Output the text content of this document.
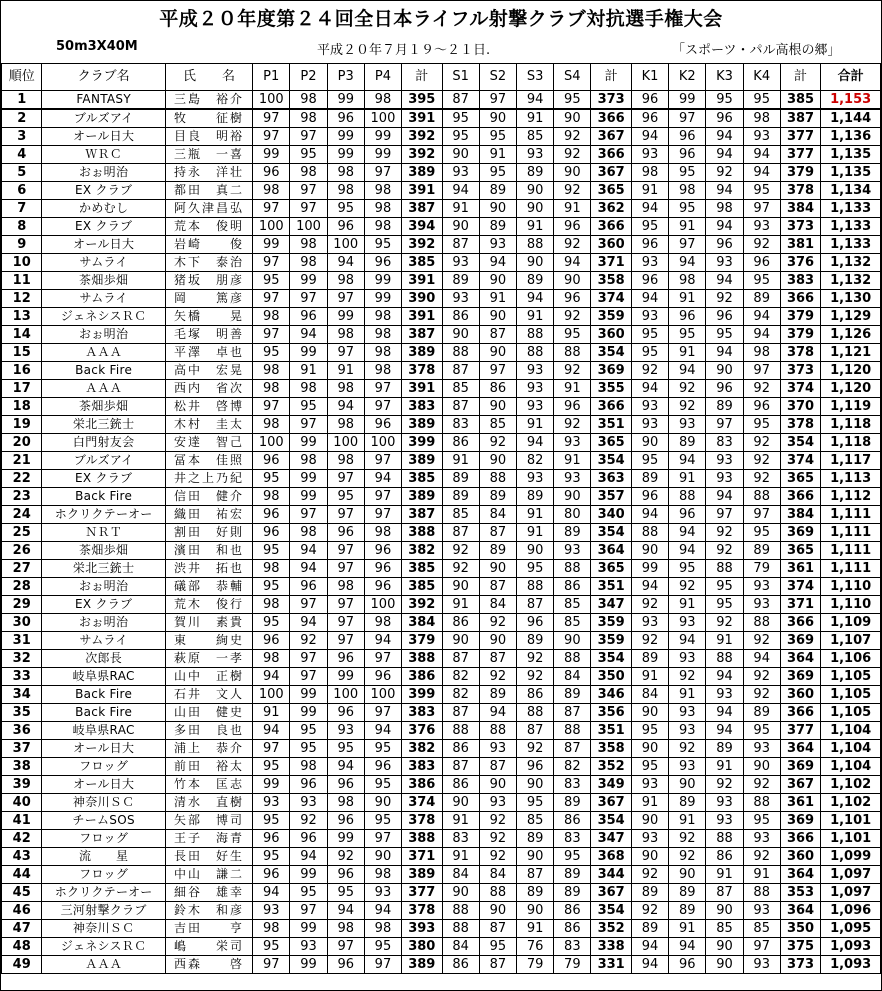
平成２０年度第２４回全日本ライフル射撃クラブ対抗選手権大会
50m3X40M	平成２０年７月１９～２１日.	「スポーツ・パル高根の郷」
順位	クラブ名	氏　　名	P1	P2	P3	P4	計	S1	S2	S3	S4	計	K1	K2	K3	K4	計	合計
1	FANTASY	三島　裕介	100	98	99	98	395	87	97	94	95	373	96	99	95	95	385	1,153
2	ブルズアイ	牧　　征樹	97	98	96	100	391	95	90	91	90	366	96	97	96	98	387	1,144
3	オール日大	目良　明裕	97	97	99	99	392	95	95	85	92	367	94	96	94	93	377	1,136
4	ＷＲＣ	三瓶　一喜	99	95	99	99	392	90	91	93	92	366	93	96	94	94	377	1,135
5	おぉ明治	持永　洋壮	96	98	98	97	389	93	95	89	90	367	98	95	92	94	379	1,135
6	EX クラブ	都田　真二	98	97	98	98	391	94	89	90	92	365	91	98	94	95	378	1,134
7	かめむし	阿久津昌弘	97	97	95	98	387	91	90	90	91	362	94	95	98	97	384	1,133
8	EX クラブ	荒本　俊明	100	100	96	98	394	90	89	91	96	366	95	91	94	93	373	1,133
9	オール日大	岩崎　　俊	99	98	100	95	392	87	93	88	92	360	96	97	96	92	381	1,133
10	サムライ	木下　泰治	97	98	94	96	385	93	94	90	94	371	93	94	93	96	376	1,132
11	茶畑歩畑	猪坂　朋彦	95	99	98	99	391	89	90	89	90	358	96	98	94	95	383	1,132
12	サムライ	岡　　篤彦	97	97	97	99	390	93	91	94	96	374	94	91	92	89	366	1,130
13	ジェネシスＲＣ	矢橋　　晃	98	96	99	98	391	86	90	91	92	359	93	96	96	94	379	1,129
14	おぉ明治	毛塚　明善	97	94	98	98	387	90	87	88	95	360	95	95	95	94	379	1,126
15	ＡＡＡ	平澤　卓也	95	99	97	98	389	88	90	88	88	354	95	91	94	98	378	1,121
16	Back Fire	高中　宏晃	98	91	91	98	378	87	97	93	92	369	92	94	90	97	373	1,120
17	ＡＡＡ	西内　省次	98	98	98	97	391	85	86	93	91	355	94	92	96	92	374	1,120
18	茶畑歩畑	松井　啓博	97	95	94	97	383	87	90	93	96	366	93	92	89	96	370	1,119
19	栄北三銃士	木村　圭太	98	97	98	96	389	83	85	91	92	351	93	93	97	95	378	1,118
20	白門射友会	安達　智己	100	99	100	100	399	86	92	94	93	365	90	89	83	92	354	1,118
21	ブルズアイ	冨本　佳照	96	98	98	97	389	91	90	82	91	354	95	94	93	92	374	1,117
22	EX クラブ	井之上乃紀	95	99	97	94	385	89	88	93	93	363	89	91	93	92	365	1,113
23	Back Fire	信田　健介	98	99	95	97	389	89	89	89	90	357	96	88	94	88	366	1,112
24	ホクリクテーオー	織田　祐宏	96	97	97	97	387	85	84	91	80	340	94	96	97	97	384	1,111
25	ＮＲＴ	割田　好則	96	98	96	98	388	87	87	91	89	354	88	94	92	95	369	1,111
26	茶畑歩畑	濱田　和也	95	94	97	96	382	92	89	90	93	364	90	94	92	89	365	1,111
27	栄北三銃士	渋井　拓也	98	94	97	96	385	92	90	95	88	365	99	95	88	79	361	1,111
28	おぉ明治	礒部　恭輔	95	96	98	96	385	90	87	88	86	351	94	92	95	93	374	1,110
29	EX クラブ	荒木　俊行	98	97	97	100	392	91	84	87	85	347	92	91	95	93	371	1,110
30	おぉ明治	賀川　素貴	95	94	97	98	384	86	92	96	85	359	93	93	92	88	366	1,109
31	サムライ	東　　絢史	96	92	97	94	379	90	90	89	90	359	92	94	91	92	369	1,107
32	次郎長	萩原　一孝	98	97	96	97	388	87	87	92	88	354	89	93	88	94	364	1,106
33	岐阜県RAC	山中　正樹	94	97	99	96	386	82	92	92	84	350	91	92	94	92	369	1,105
34	Back Fire	石井　文人	100	99	100	100	399	82	89	86	89	346	84	91	93	92	360	1,105
35	Back Fire	山田　健史	91	99	96	97	383	87	94	88	87	356	90	93	94	89	366	1,105
36	岐阜県RAC	多田　良也	94	95	93	94	376	88	88	87	88	351	95	93	94	95	377	1,104
37	オール日大	浦上　恭介	97	95	95	95	382	86	93	92	87	358	90	92	89	93	364	1,104
38	フロッグ	前田　裕太	95	98	94	96	383	87	87	96	82	352	95	93	91	90	369	1,104
39	オール日大	竹本　匡志	99	96	96	95	386	86	90	90	83	349	93	90	92	92	367	1,102
40	神奈川ＳＣ	清水　直樹	93	93	98	90	374	90	93	95	89	367	91	89	93	88	361	1,102
41	チームSOS	矢部　博司	95	92	96	95	378	91	92	85	86	354	90	91	93	95	369	1,101
42	フロッグ	王子　海青	96	96	99	97	388	83	92	89	83	347	93	92	88	93	366	1,101
43	流　　星	長田　好生	95	94	92	90	371	91	92	90	95	368	90	92	86	92	360	1,099
44	フロッグ	中山　謙二	96	99	96	98	389	84	84	87	89	344	92	90	91	91	364	1,097
45	ホクリクテーオー	細谷　雄幸	94	95	95	93	377	90	88	89	89	367	89	89	87	88	353	1,097
46	三河射撃クラブ	鈴木　和彦	93	97	94	94	378	88	90	90	86	354	92	89	90	93	364	1,096
47	神奈川ＳＣ	吉田　　亨	98	99	98	98	393	88	87	91	86	352	89	91	85	85	350	1,095
48	ジェネシスＲＣ	嶋　　栄司	95	93	97	95	380	84	95	76	83	338	94	94	90	97	375	1,093
49	ＡＡＡ	西森　　啓	97	99	96	97	389	86	87	79	79	331	94	96	90	93	373	1,093
